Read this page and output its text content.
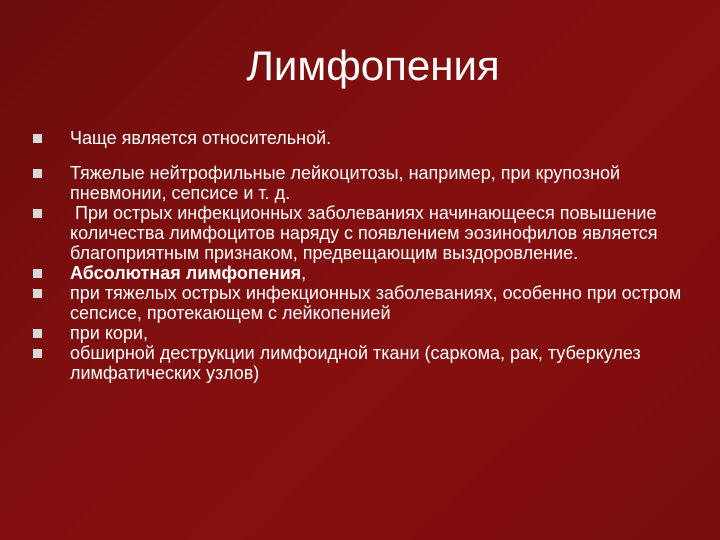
Лимфопения
Чаще является относительной.
Тяжелые нейтрофильные лейкоцитозы, например, при крупозной пневмонии, сепсисе и т. д.
При острых инфекционных заболеваниях начинающееся повышение количества лимфоцитов наряду с появлением эозинофилов является благоприятным признаком, предвещающим выздоровление.
Абсолютная лимфопения,
при тяжелых острых инфекционных заболеваниях, особенно при остром сепсисе, протекающем с лейкопенией
при кори,
обширной деструкции лимфоидной ткани (саркома, рак, туберкулез лимфатических узлов)
